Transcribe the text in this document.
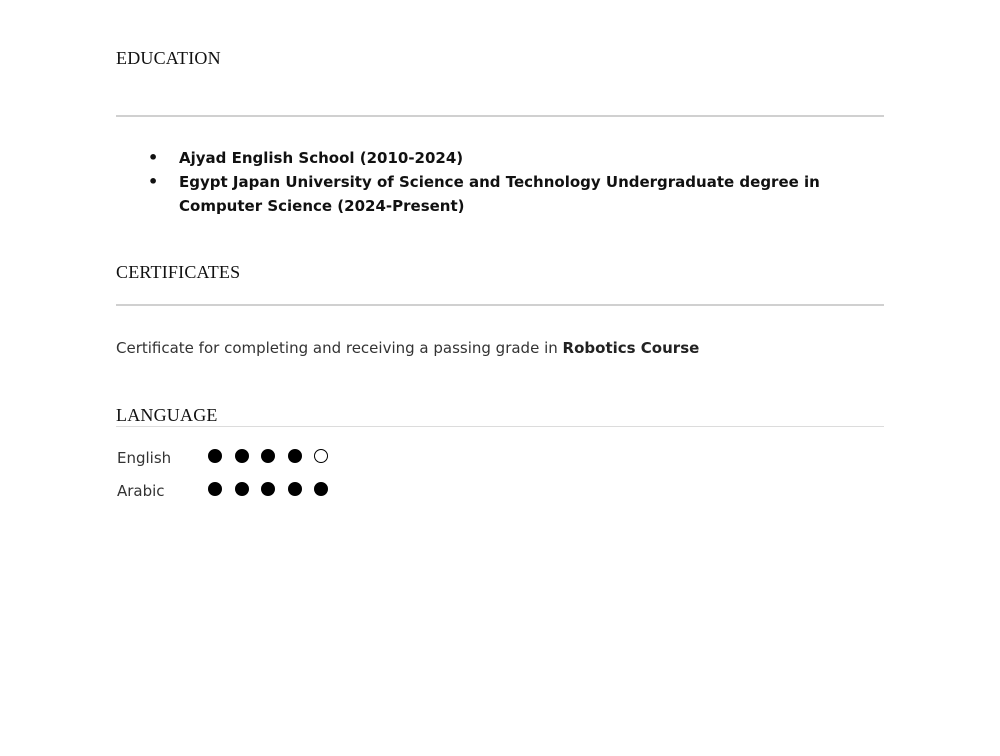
EDUCATION
• Ajyad English School (2010-2024)
• Egypt Japan University of Science and Technology Undergraduate degree in Computer Science (2024-Present)
CERTIFICATES

Certificate for completing and receiving a passing grade in Robotics Course

LANGUAGE
English
Arabic
